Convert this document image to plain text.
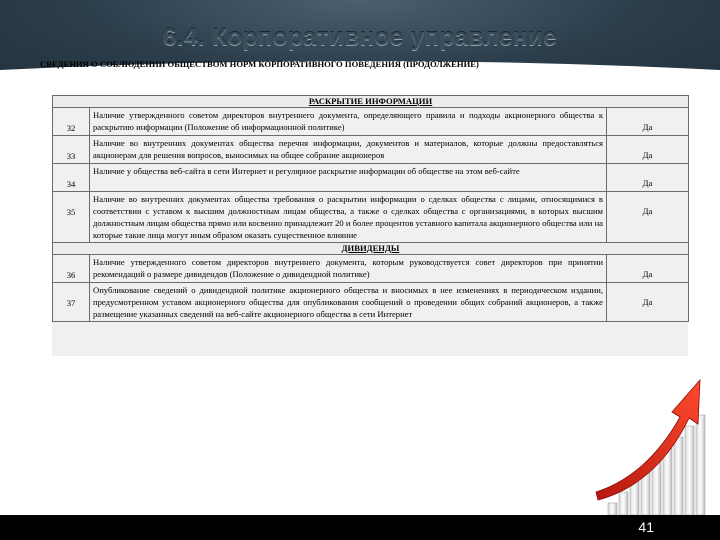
6.4. Корпоративное управление
СВЕДЕНИЯ О СОБЛЮДЕНИИ ОБЩЕСТВОМ НОРМ КОРПОРАТИВНОГО ПОВЕДЕНИЯ (ПРОДОЛЖЕНИЕ)
РАСКРЫТИЕ ИНФОРМАЦИИ		
32	Наличие утвержденного советом директоров внутреннего документа, определяющего правила и подходы акционерного общества к раскрытию информации (Положение об информационной политике)	Да
33	Наличие во внутренних документах общества перечня информации, документов и материалов, которые должны предоставляться акционерам для решения вопросов, выносимых на общее собрание акционеров	Да
34	Наличие у общества веб-сайта в сети Интернет и регулярное раскрытие информации об обществе на этом веб-сайте	Да
35	Наличие во внутренних документах общества требования о раскрытии информации о сделках общества с лицами, относящимися в соответствии с уставом к высшим должностным лицам общества, а также о сделках общества с организациями, в которых высшим должностным лицам общества прямо или косвенно принадлежит 20 и более процентов уставного капитала акционерного общества или на которые такие лица могут иным образом оказать существенное влияние	Да
ДИВИДЕНДЫ		
36	Наличие утвержденного советом директоров внутреннего документа, которым руководствуется совет директоров при принятии рекомендаций о размере дивидендов (Положение о дивидендной политике)	Да
37	Опубликование сведений о дивидендной политике акционерного общества и вносимых в нее изменениях в периодическом издании, предусмотренном уставом акционерного общества для опубликования сообщений о проведении общих собраний акционеров, а также размещение указанных сведений на веб-сайте акционерного общества в сети Интернет	Да
41
